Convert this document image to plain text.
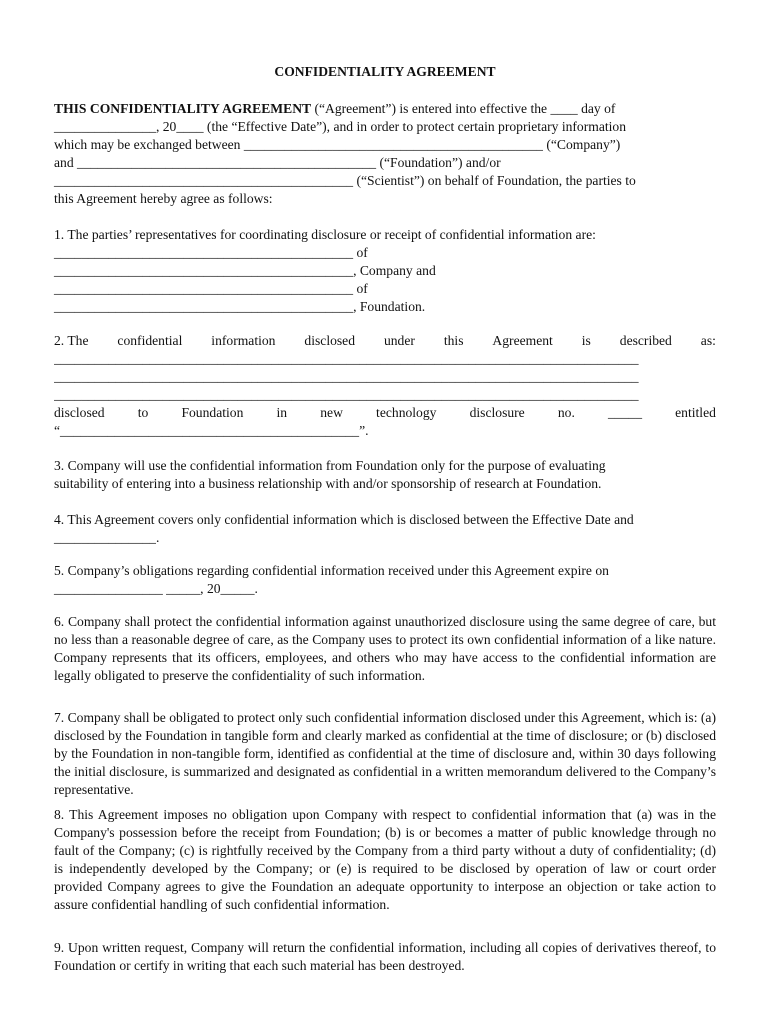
CONFIDENTIALITY AGREEMENT
THIS CONFIDENTIALITY AGREEMENT (“Agreement”) is entered into effective the ____ day of
_______________, 20____ (the “Effective Date”), and in order to protect certain proprietary information
which may be exchanged between ____________________________________________ (“Company”)
and ____________________________________________ (“Foundation”) and/or
____________________________________________ (“Scientist”) on behalf of Foundation, the parties to
this Agreement hereby agree as follows:
1. The parties’ representatives for coordinating disclosure or receipt of confidential information are:
____________________________________________ of
____________________________________________, Company and
____________________________________________ of
____________________________________________, Foundation.
2. The confidential information disclosed under this Agreement is described as:
______________________________________________________________________________________
______________________________________________________________________________________
______________________________________________________________________________________
disclosed to Foundation in new technology disclosure no. _____ entitled
“____________________________________________”.
3. Company will use the confidential information from Foundation only for the purpose of evaluating
suitability of entering into a business relationship with and/or sponsorship of research at Foundation.
4. This Agreement covers only confidential information which is disclosed between the Effective Date and
_______________.
5. Company’s obligations regarding confidential information received under this Agreement expire on
________________ _____, 20_____.
6. Company shall protect the confidential information against unauthorized disclosure using the same degree of care, but no less than a reasonable degree of care, as the Company uses to protect its own confidential information of a like nature. Company represents that its officers, employees, and others who may have access to the confidential information are legally obligated to preserve the confidentiality of such information.
7. Company shall be obligated to protect only such confidential information disclosed under this Agreement, which is: (a) disclosed by the Foundation in tangible form and clearly marked as confidential at the time of disclosure; or (b) disclosed by the Foundation in non-tangible form, identified as confidential at the time of disclosure and, within 30 days following the initial disclosure, is summarized and designated as confidential in a written memorandum delivered to the Company’s representative.
8. This Agreement imposes no obligation upon Company with respect to confidential information that (a) was in the Company's possession before the receipt from Foundation; (b) is or becomes a matter of public knowledge through no fault of the Company; (c) is rightfully received by the Company from a third party without a duty of confidentiality; (d) is independently developed by the Company; or (e) is required to be disclosed by operation of law or court order provided Company agrees to give the Foundation an adequate opportunity to interpose an objection or take action to assure confidential handling of such confidential information.
9. Upon written request, Company will return the confidential information, including all copies of derivatives thereof, to Foundation or certify in writing that each such material has been destroyed.
